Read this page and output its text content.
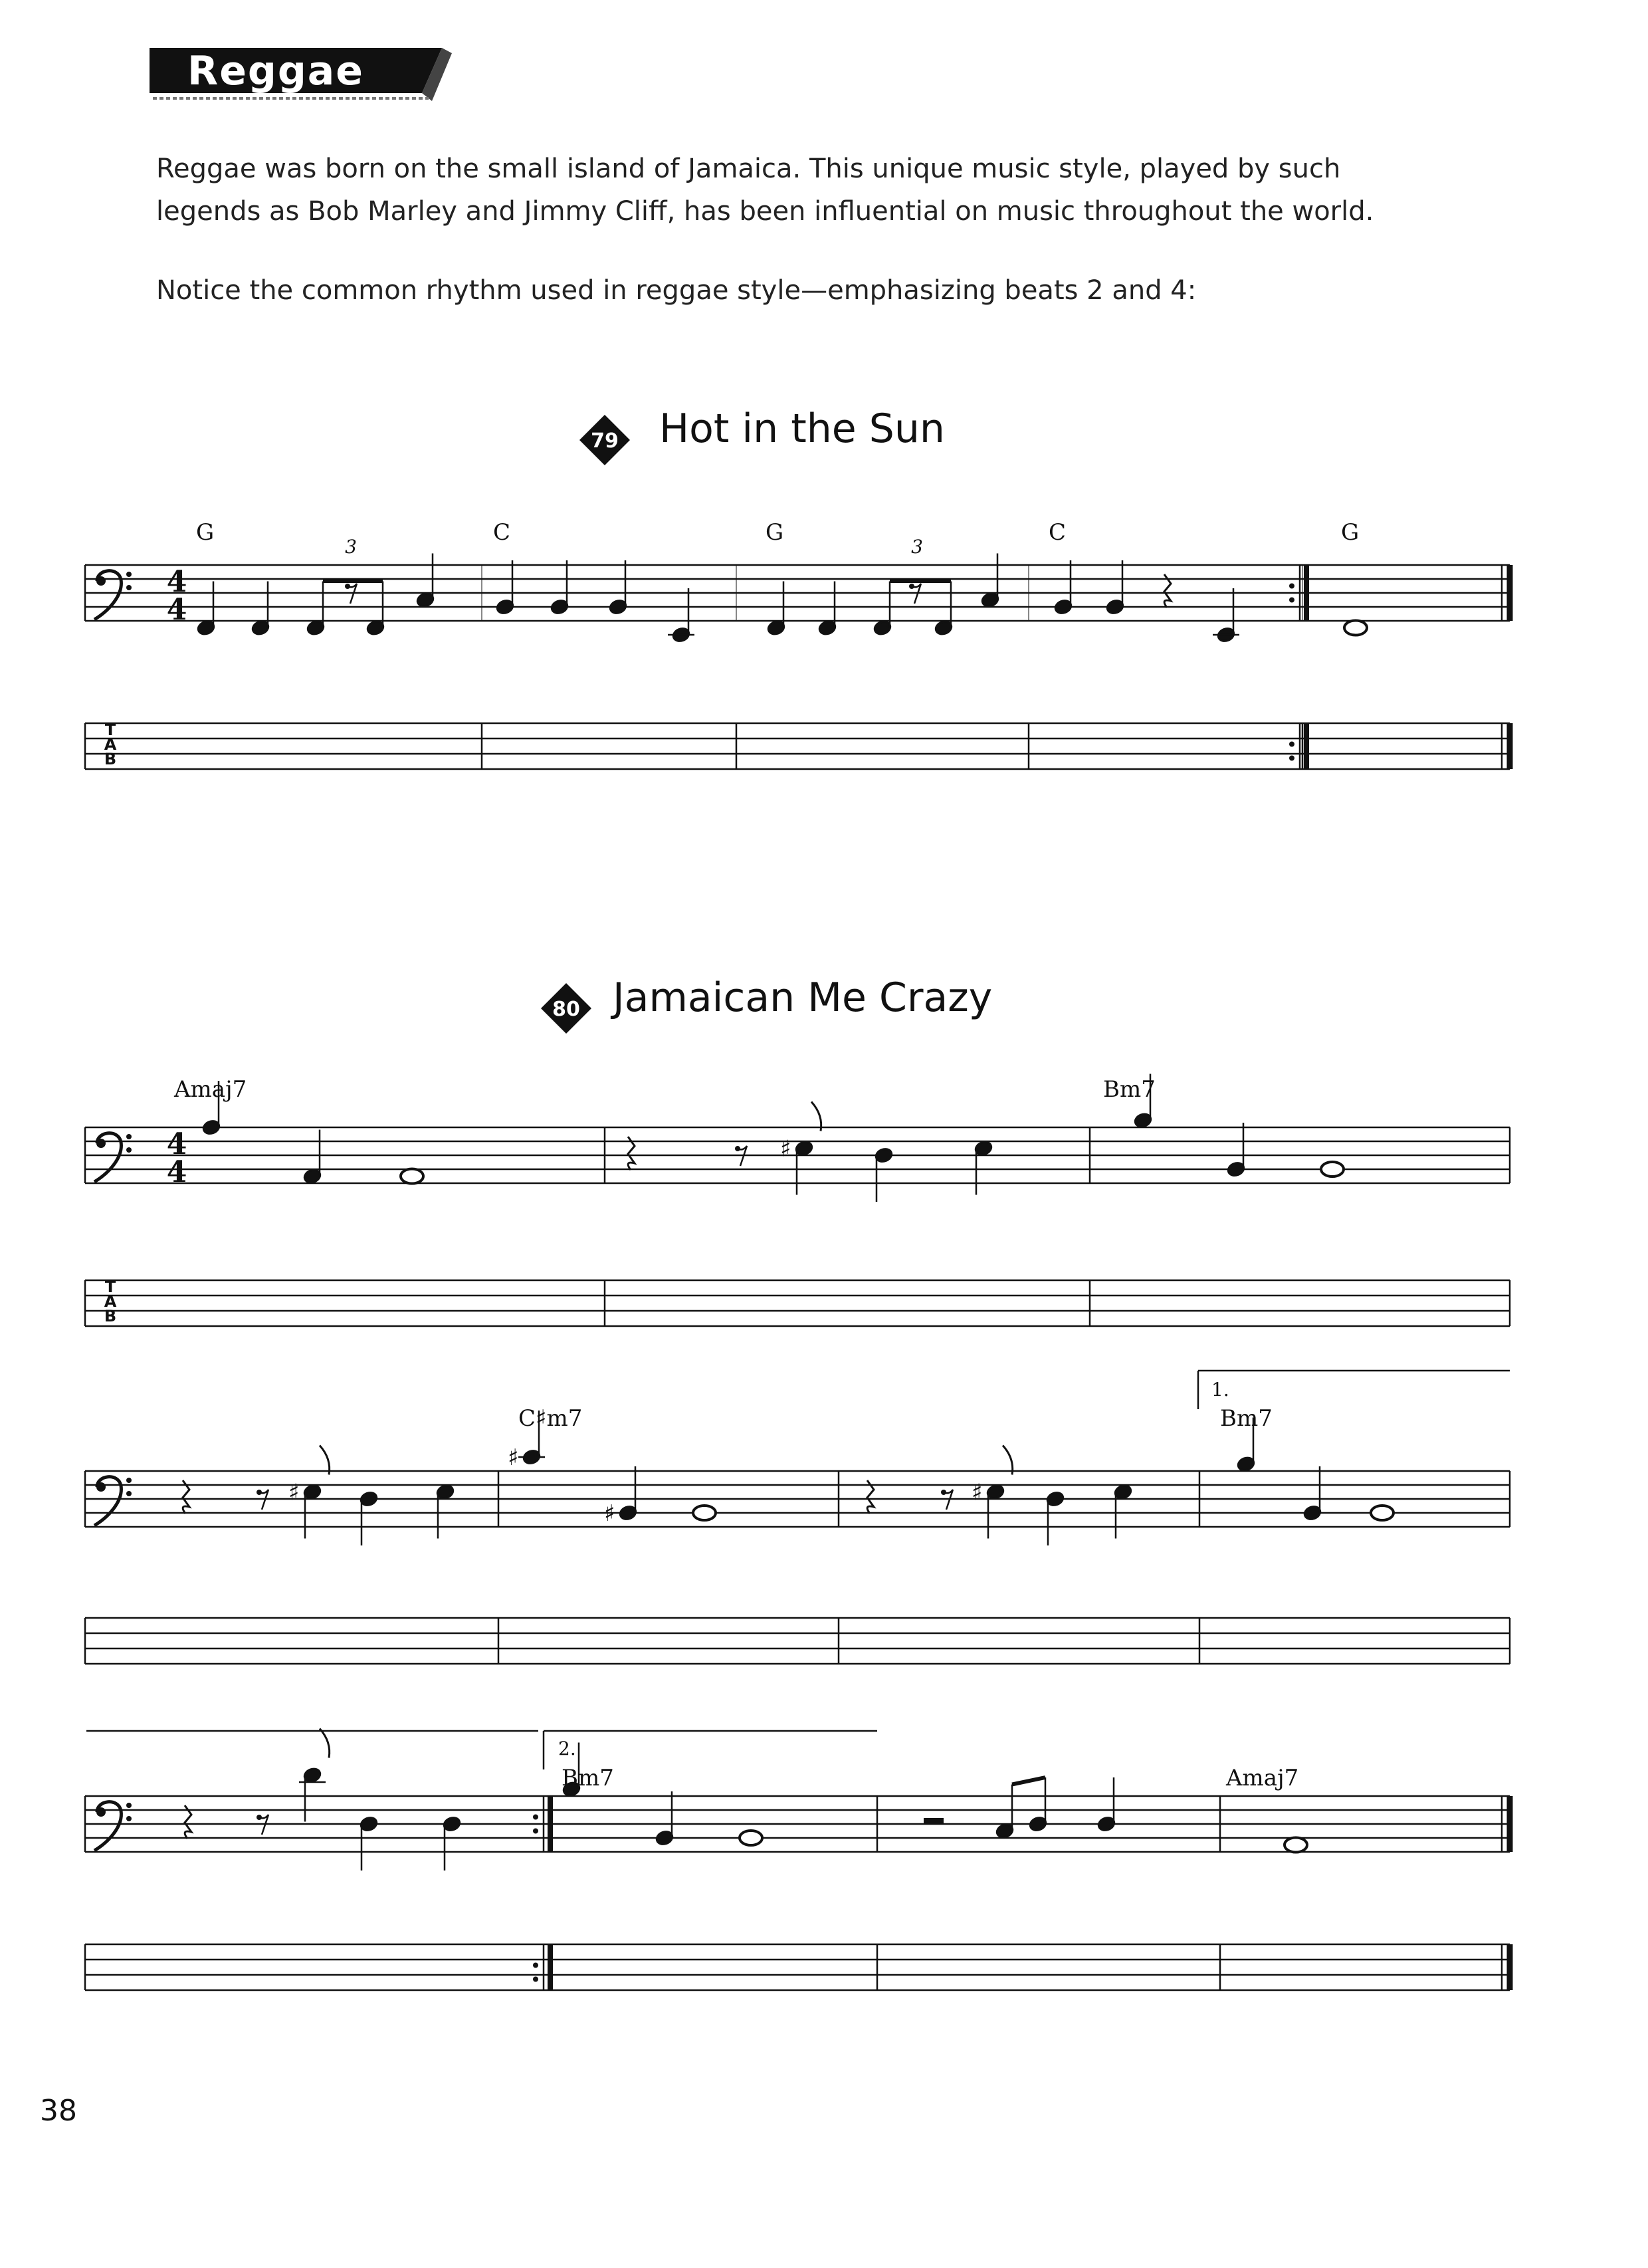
Reggae

Reggae was born on the small island of Jamaica. This unique music style, played by such
legends as Bob Marley and Jimmy Cliff, has been influential on music throughout the world.

Notice the common rhythm used in reggae style—emphasizing beats 2 and 4:

79 Hot in the Sun
80 Jamaican Me Crazy
4
4
T
A
B
G	C	G	C	G
3	3
4
4
T
A
B
Amaj7	Bm7
♯
C♯m7
1.
Bm7
♯
♯
♯
♯
2.
Bm7	Amaj7
38
